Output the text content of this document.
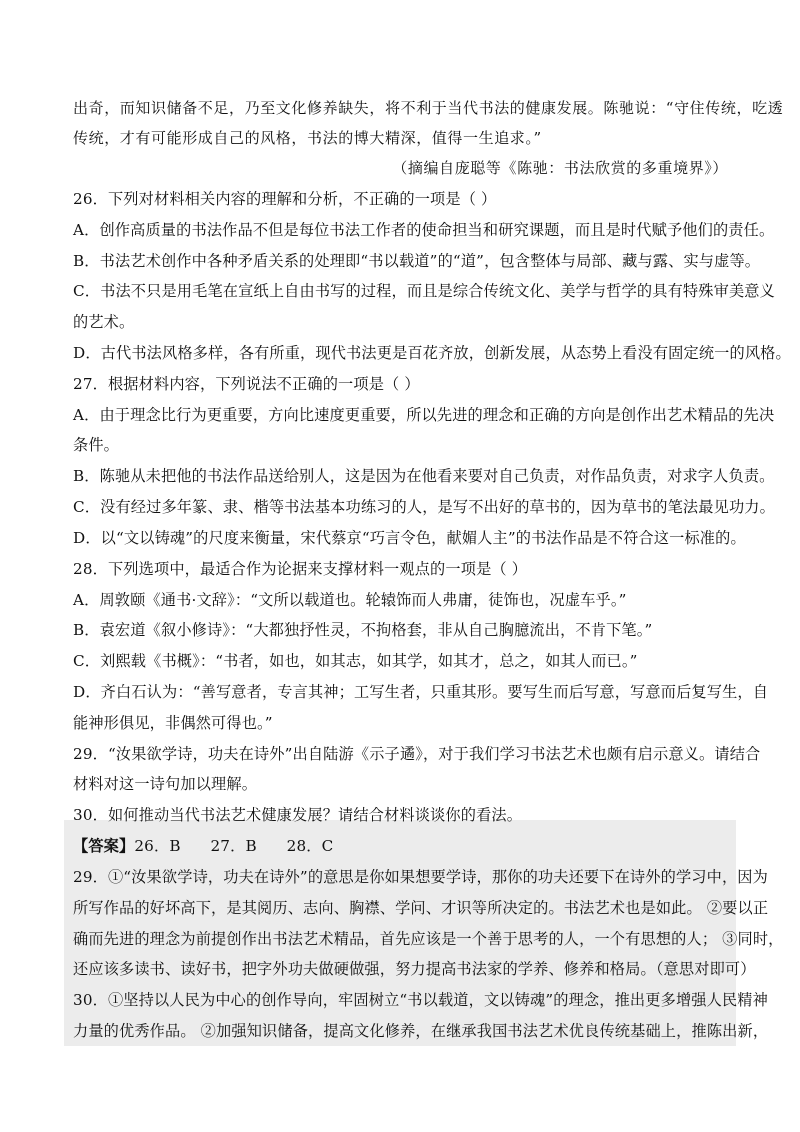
出奇，而知识储备不足，乃至文化修养缺失，将不利于当代书法的健康发展。陈驰说：“守住传统，吃透
传统，才有可能形成自己的风格，书法的博大精深，值得一生追求。”
（摘编自庞聪等《陈驰：书法欣赏的多重境界》）
26．下列对材料相关内容的理解和分析，不正确的一项是（ ）
A．创作高质量的书法作品不但是每位书法工作者的使命担当和研究课题，而且是时代赋予他们的责任。
B．书法艺术创作中各种矛盾关系的处理即“书以载道”的“道”，包含整体与局部、藏与露、实与虚等。
C．书法不只是用毛笔在宣纸上自由书写的过程，而且是综合传统文化、美学与哲学的具有特殊审美意义
的艺术。
D．古代书法风格多样，各有所重，现代书法更是百花齐放，创新发展，从态势上看没有固定统一的风格。
27．根据材料内容，下列说法不正确的一项是（ ）
A．由于理念比行为更重要，方向比速度更重要，所以先进的理念和正确的方向是创作出艺术精品的先决
条件。
B．陈驰从未把他的书法作品送给别人，这是因为在他看来要对自己负责，对作品负责，对求字人负责。
C．没有经过多年篆、隶、楷等书法基本功练习的人，是写不出好的草书的，因为草书的笔法最见功力。
D．以“文以铸魂”的尺度来衡量，宋代蔡京“巧言令色，献媚人主”的书法作品是不符合这一标准的。
28．下列选项中，最适合作为论据来支撑材料一观点的一项是（ ）
A．周敦颐《通书·文辞》：“文所以载道也。轮辕饰而人弗庸，徒饰也，况虚车乎。”
B．袁宏道《叙小修诗》：“大都独抒性灵，不拘格套，非从自己胸臆流出，不肯下笔。”
C．刘熙载《书概》：“书者，如也，如其志，如其学，如其才，总之，如其人而已。”
D．齐白石认为：“善写意者，专言其神；工写生者，只重其形。要写生而后写意，写意而后复写生，自
能神形俱见，非偶然可得也。”
29．“汝果欲学诗，功夫在诗外”出自陆游《示子遹》，对于我们学习书法艺术也颇有启示意义。请结合
材料对这一诗句加以理解。
30．如何推动当代书法艺术健康发展？请结合材料谈谈你的看法。
【答案】26．B      27．B      28．C
29．①“汝果欲学诗，功夫在诗外”的意思是你如果想要学诗，那你的功夫还要下在诗外的学习中，因为
所写作品的好坏高下，是其阅历、志向、胸襟、学问、才识等所决定的。书法艺术也是如此。 ②要以正
确而先进的理念为前提创作出书法艺术精品，首先应该是一个善于思考的人，一个有思想的人； ③同时，
还应该多读书、读好书，把字外功夫做硬做强，努力提高书法家的学养、修养和格局。（意思对即可）
30．①坚持以人民为中心的创作导向，牢固树立“书以载道，文以铸魂”的理念，推出更多增强人民精神
力量的优秀作品。 ②加强知识储备，提高文化修养，在继承我国书法艺术优良传统基础上，推陈出新，
